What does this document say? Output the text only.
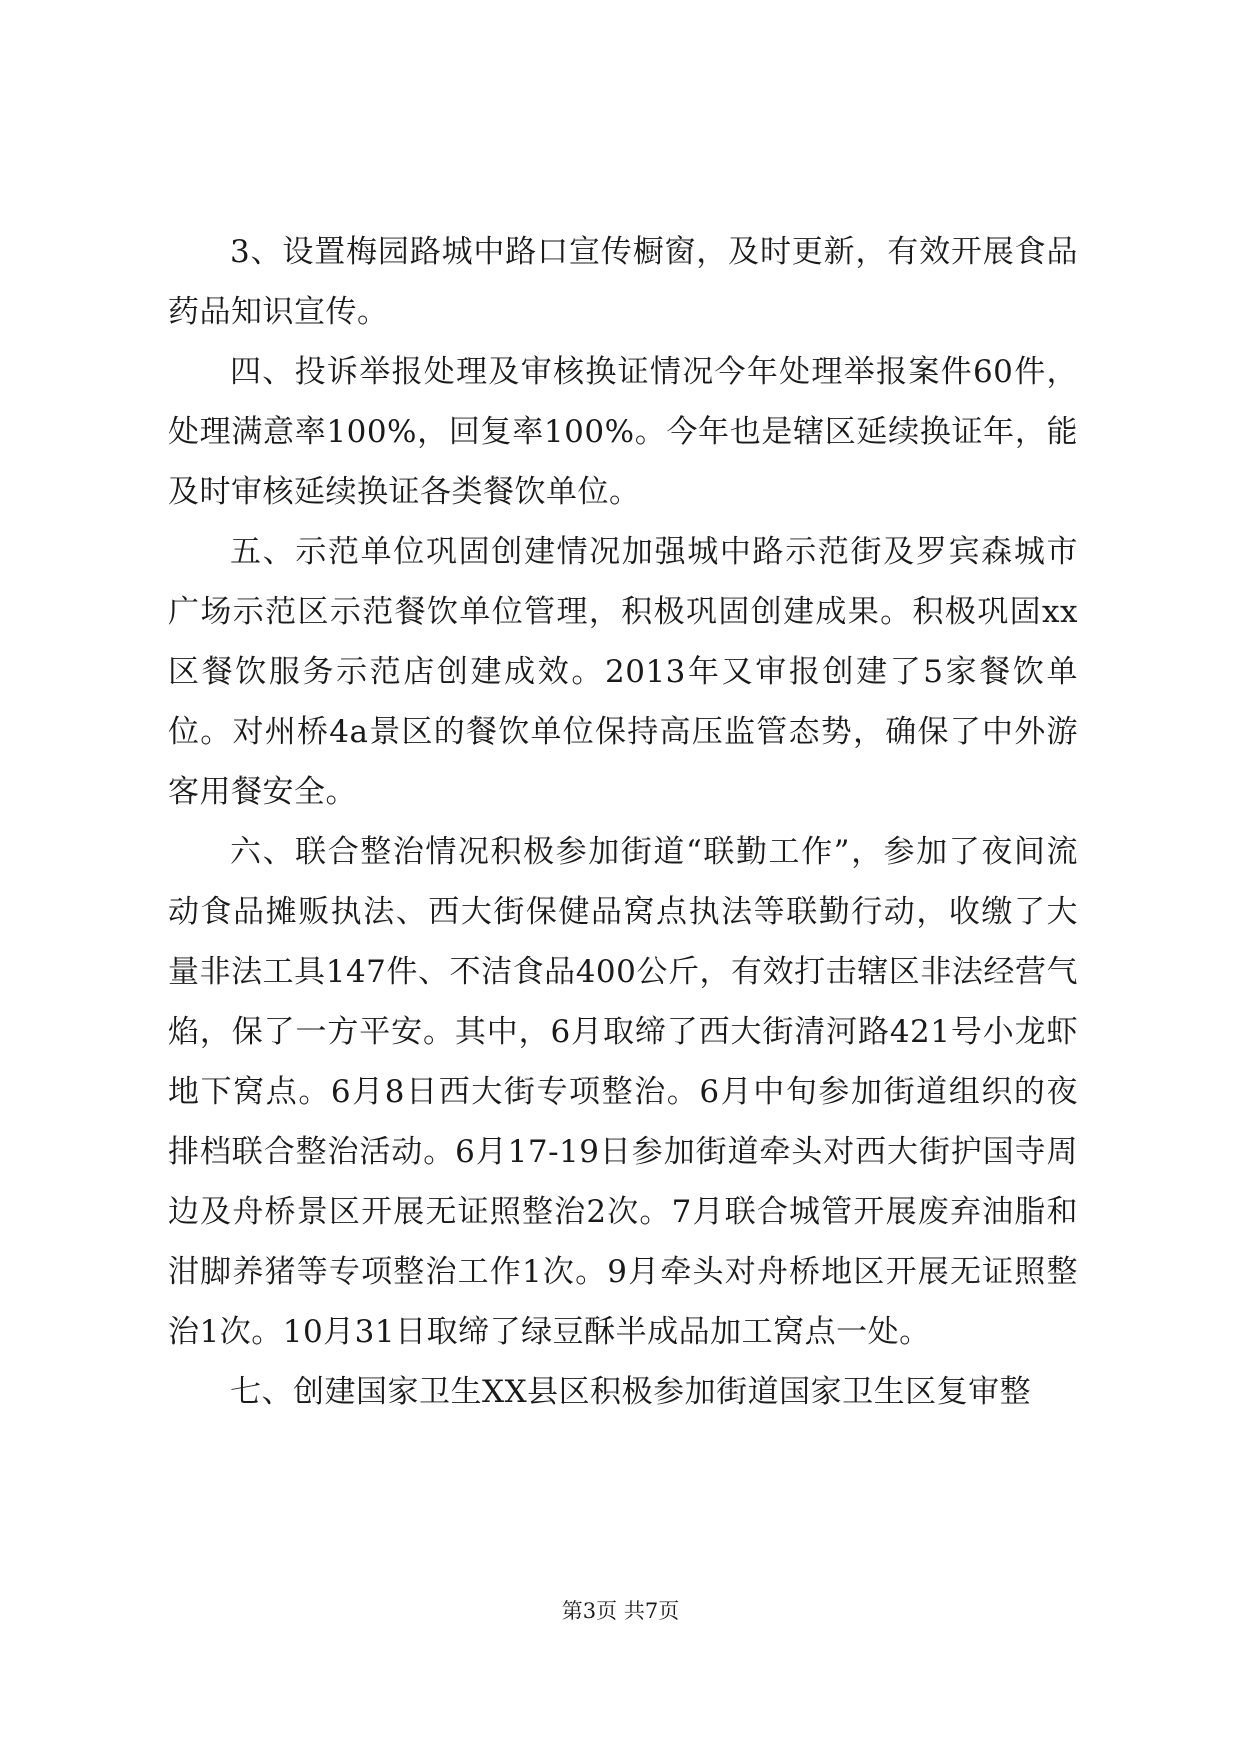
3、设置梅园路城中路口宣传橱窗，及时更新，有效开展食品药品知识宣传。

四、投诉举报处理及审核换证情况今年处理举报案件60件，处理满意率100%，回复率100%。今年也是辖区延续换证年，能及时审核延续换证各类餐饮单位。

五、示范单位巩固创建情况加强城中路示范街及罗宾森城市广场示范区示范餐饮单位管理，积极巩固创建成果。积极巩固xx区餐饮服务示范店创建成效。2013年又审报创建了5家餐饮单位。对州桥4a景区的餐饮单位保持高压监管态势，确保了中外游客用餐安全。

六、联合整治情况积极参加街道“联勤工作”，参加了夜间流动食品摊贩执法、西大街保健品窝点执法等联勤行动，收缴了大量非法工具147件、不洁食品400公斤，有效打击辖区非法经营气焰，保了一方平安。其中，6月取缔了西大街清河路421号小龙虾地下窝点。6月8日西大街专项整治。6月中旬参加街道组织的夜排档联合整治活动。6月17-19日参加街道牵头对西大街护国寺周边及舟桥景区开展无证照整治2次。7月联合城管开展废弃油脂和泔脚养猪等专项整治工作1次。9月牵头对舟桥地区开展无证照整治1次。10月31日取缔了绿豆酥半成品加工窝点一处。

七、创建国家卫生XX县区积极参加街道国家卫生区复审整

第3页 共7页
